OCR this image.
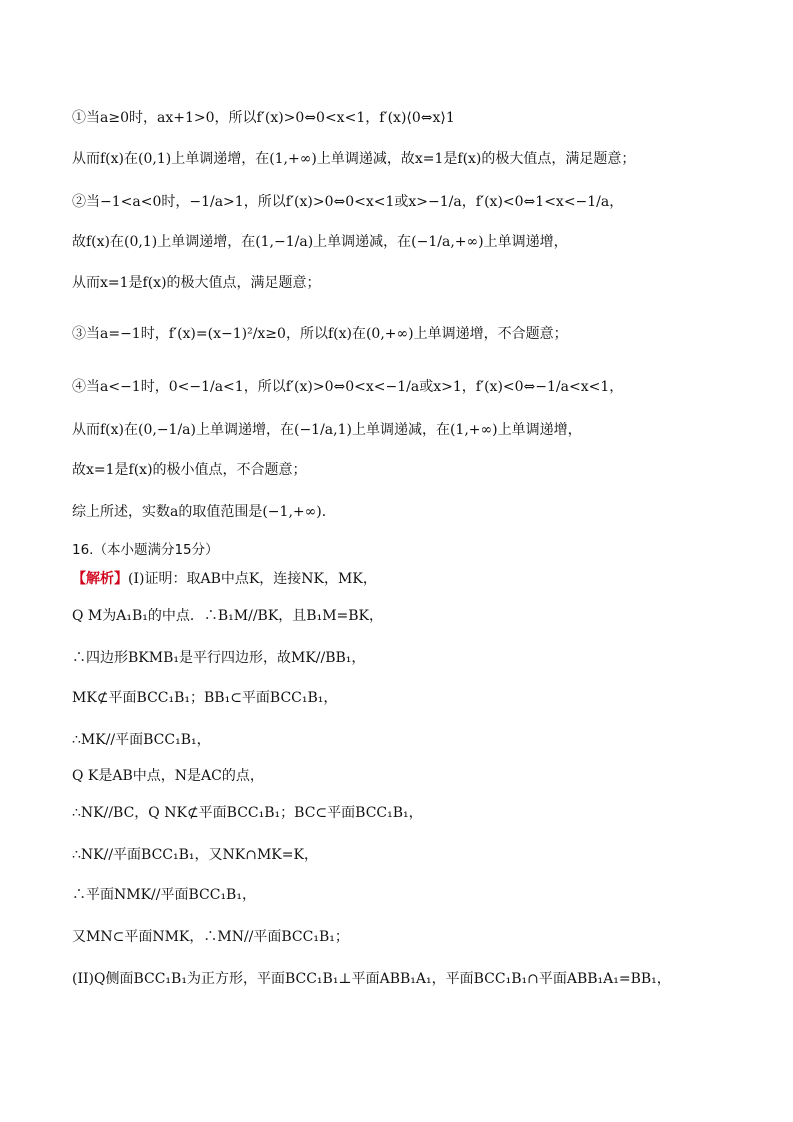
①当a≥0时，ax+1>0，所以f′(x)>0⇔0<x<1，f′(x)⟨0⇔x⟩1
从而f(x)在(0,1)上单调递增，在(1,+∞)上单调递减，故x=1是f(x)的极大值点，满足题意；
②当−1<a<0时，−1/a>1，所以f′(x)>0⇔0<x<1或x>−1/a，f′(x)<0⇔1<x<−1/a，
故f(x)在(0,1)上单调递增，在(1,−1/a)上单调递减，在(−1/a,+∞)上单调递增，
从而x=1是f(x)的极大值点，满足题意；
③当a=−1时，f′(x)=(x−1)²/x≥0，所以f(x)在(0,+∞)上单调递增，不合题意；
④当a<−1时，0<−1/a<1，所以f′(x)>0⇔0<x<−1/a或x>1，f′(x)<0⇔−1/a<x<1，
从而f(x)在(0,−1/a)上单调递增，在(−1/a,1)上单调递减，在(1,+∞)上单调递增，
故x=1是f(x)的极小值点，不合题意；
综上所述，实数a的取值范围是(−1,+∞)．
16.（本小题满分15分）
【解析】(I)证明：取AB中点K，连接NK，MK，
Q M为A₁B₁的中点．∴B₁M//BK，且B₁M=BK，
∴四边形BKMB₁是平行四边形，故MK//BB₁，
MK⊄平面BCC₁B₁；BB₁⊂平面BCC₁B₁，
∴MK//平面BCC₁B₁，
Q K是AB中点，N是AC的点，
∴NK//BC，Q NK⊄平面BCC₁B₁；BC⊂平面BCC₁B₁，
∴NK//平面BCC₁B₁，又NK∩MK=K，
∴平面NMK//平面BCC₁B₁，
又MN⊂平面NMK，∴MN//平面BCC₁B₁；
(II)Q侧面BCC₁B₁为正方形，平面BCC₁B₁⊥平面ABB₁A₁，平面BCC₁B₁∩平面ABB₁A₁=BB₁，
